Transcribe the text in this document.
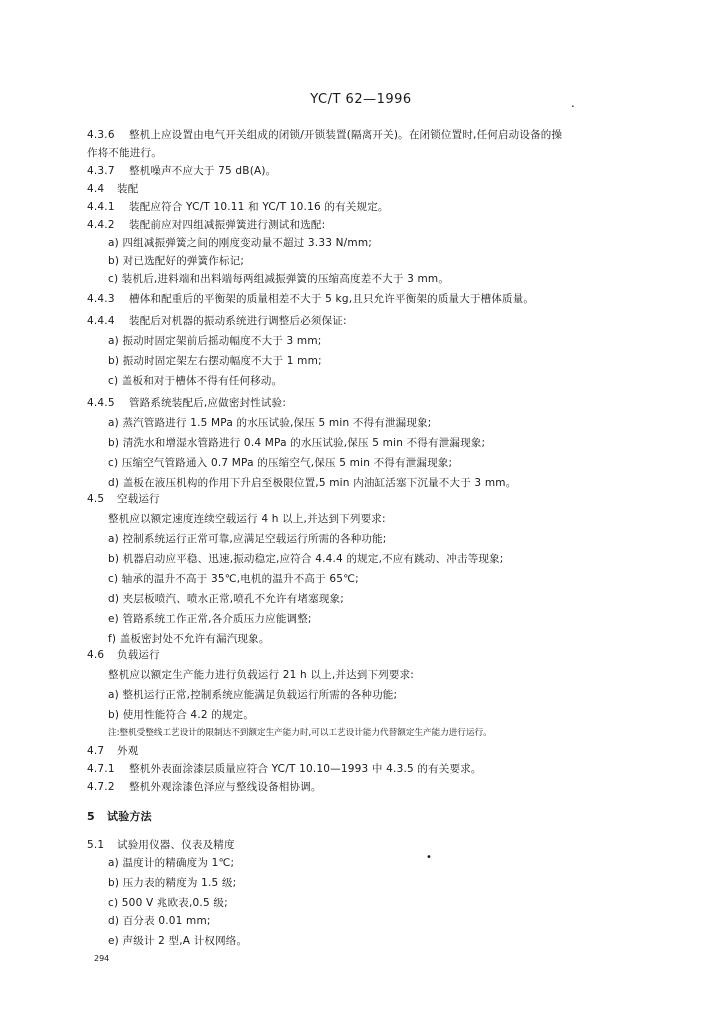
YC/T 62—1996	.
4.3.6 整机上应设置由电气开关组成的闭锁/开锁装置(隔离开关)。在闭锁位置时,任何启动设备的操
作将不能进行。
4.3.7 整机噪声不应大于 75 dB(A)。
4.4 装配
4.4.1 装配应符合 YC/T 10.11 和 YC/T 10.16 的有关规定。
4.4.2 装配前应对四组减振弹簧进行测试和选配:
a) 四组减振弹簧之间的刚度变动量不超过 3.33 N/mm;
b) 对已选配好的弹簧作标记;
c) 装机后,进料端和出料端每两组减振弹簧的压缩高度差不大于 3 mm。
4.4.3 槽体和配重后的平衡架的质量相差不大于 5 kg,且只允许平衡架的质量大于槽体质量。
4.4.4 装配后对机器的振动系统进行调整后必须保证:
a) 振动时固定架前后摇动幅度不大于 3 mm;
b) 振动时固定架左右摆动幅度不大于 1 mm;
c) 盖板和对于槽体不得有任何移动。
4.4.5 管路系统装配后,应做密封性试验:
a) 蒸汽管路进行 1.5 MPa 的水压试验,保压 5 min 不得有泄漏现象;
b) 清洗水和增湿水管路进行 0.4 MPa 的水压试验,保压 5 min 不得有泄漏现象;
c) 压缩空气管路通入 0.7 MPa 的压缩空气,保压 5 min 不得有泄漏现象;
d) 盖板在液压机构的作用下升启至极限位置,5 min 内油缸活塞下沉量不大于 3 mm。
4.5 空载运行
整机应以额定速度连续空载运行 4 h 以上,并达到下列要求:
a) 控制系统运行正常可靠,应满足空载运行所需的各种功能;
b) 机器启动应平稳、迅速,振动稳定,应符合 4.4.4 的规定,不应有跳动、冲击等现象;
c) 轴承的温升不高于 35℃,电机的温升不高于 65℃;
d) 夹层板喷汽、喷水正常,喷孔不允许有堵塞现象;
e) 管路系统工作正常,各介质压力应能调整;
f) 盖板密封处不允许有漏汽现象。
4.6 负载运行
整机应以额定生产能力进行负载运行 21 h 以上,并达到下列要求:
a) 整机运行正常,控制系统应能满足负载运行所需的各种功能;
b) 使用性能符合 4.2 的规定。
注:整机受整线工艺设计的限制达不到额定生产能力时,可以工艺设计能力代替额定生产能力进行运行。
4.7 外观
4.7.1 整机外表面涂漆层质量应符合 YC/T 10.10—1993 中 4.3.5 的有关要求。
4.7.2 整机外观涂漆色泽应与整线设备相协调。
5 试验方法
5.1 试验用仪器、仪表及精度
a) 温度计的精确度为 1℃;
b) 压力表的精度为 1.5 级;
c) 500 V 兆欧表,0.5 级;
d) 百分表 0.01 mm;
e) 声级计 2 型,A 计权网络。
•
294
